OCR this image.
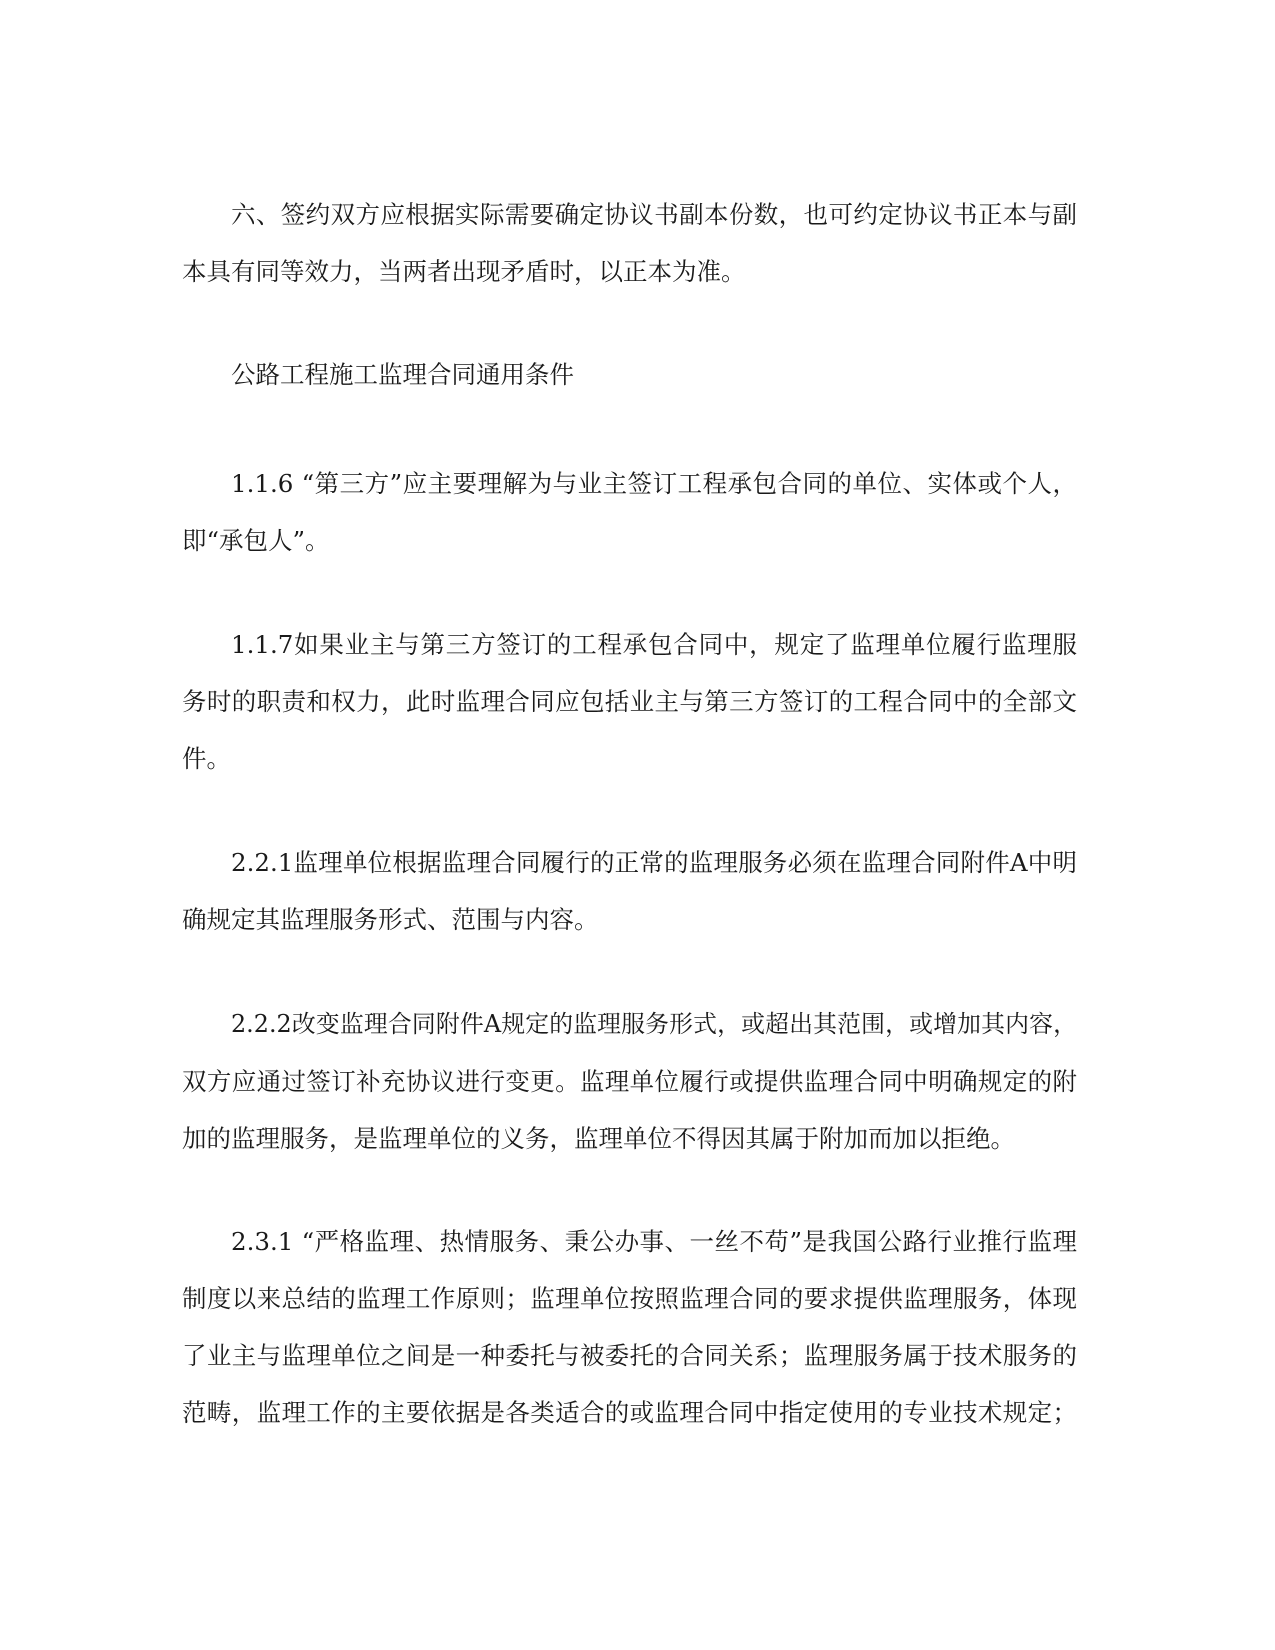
六、签约双方应根据实际需要确定协议书副本份数，也可约定协议书正本与副
本具有同等效力，当两者出现矛盾时，以正本为准。
公路工程施工监理合同通用条件
1.1.6 “第三方”应主要理解为与业主签订工程承包合同的单位、实体或个人，
即“承包人”。
1.1.7如果业主与第三方签订的工程承包合同中，规定了监理单位履行监理服
务时的职责和权力，此时监理合同应包括业主与第三方签订的工程合同中的全部文
件。
2.2.1监理单位根据监理合同履行的正常的监理服务必须在监理合同附件A中明
确规定其监理服务形式、范围与内容。
2.2.2改变监理合同附件A规定的监理服务形式，或超出其范围，或增加其内容，
双方应通过签订补充协议进行变更。监理单位履行或提供监理合同中明确规定的附
加的监理服务，是监理单位的义务，监理单位不得因其属于附加而加以拒绝。
2.3.1 “严格监理、热情服务、秉公办事、一丝不苟”是我国公路行业推行监理
制度以来总结的监理工作原则；监理单位按照监理合同的要求提供监理服务，体现
了业主与监理单位之间是一种委托与被委托的合同关系；监理服务属于技术服务的
范畴，监理工作的主要依据是各类适合的或监理合同中指定使用的专业技术规定；
